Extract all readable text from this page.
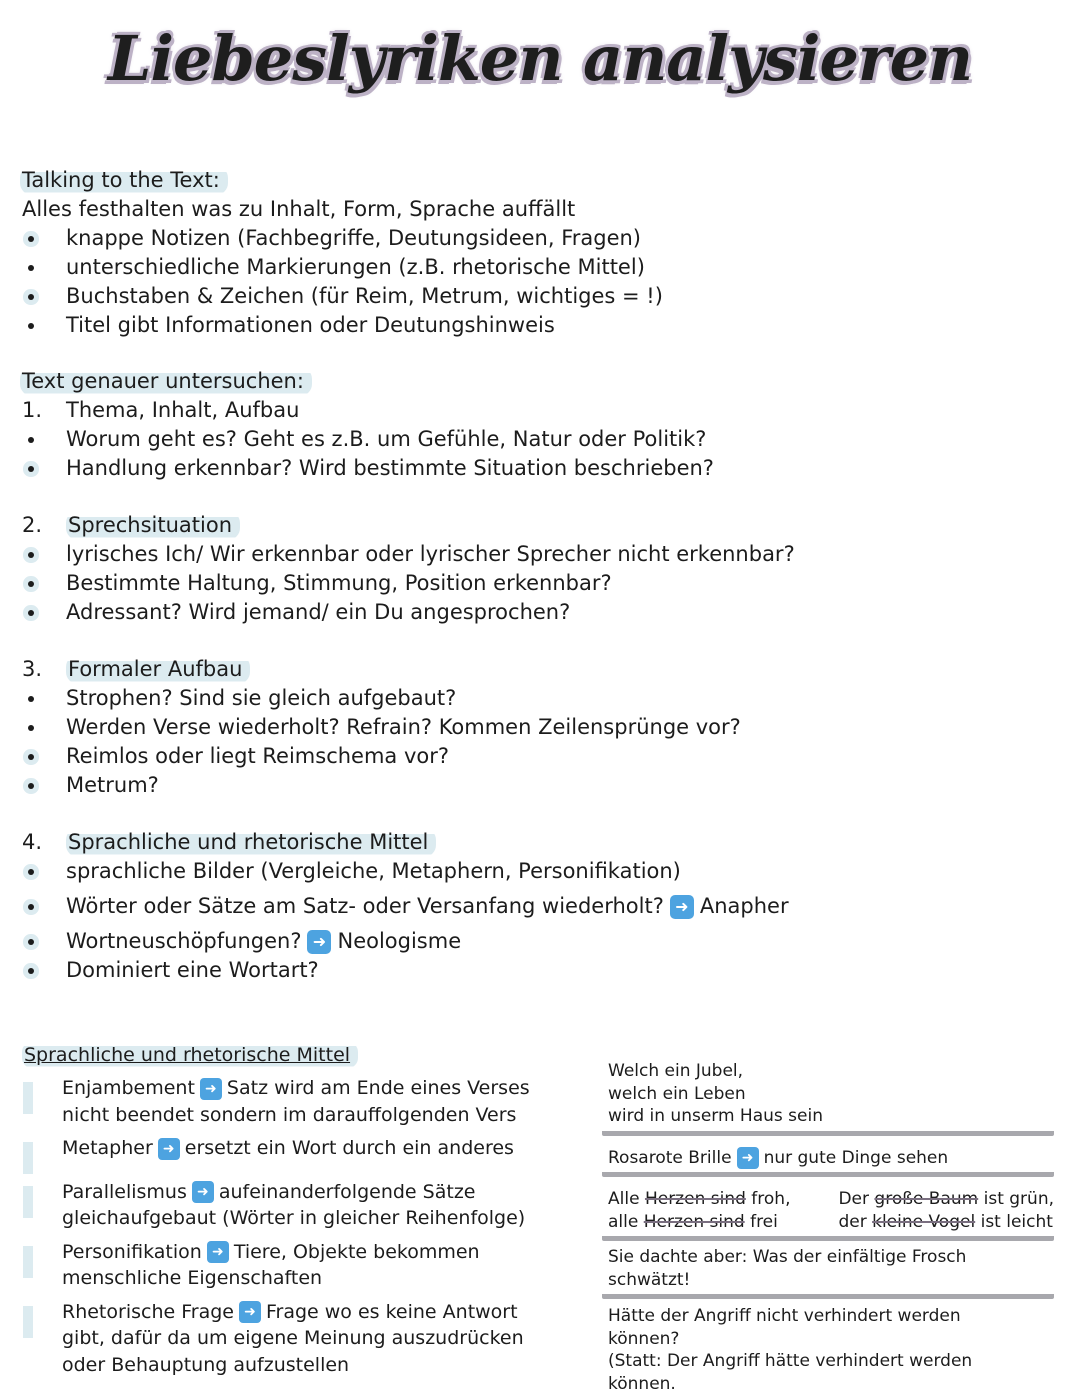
Liebeslyriken analysieren
Talking to the Text:
Alles festhalten was zu Inhalt, Form, Sprache auffällt
knappe Notizen (Fachbegriffe, Deutungsideen, Fragen)
unterschiedliche Markierungen (z.B. rhetorische Mittel)
Buchstaben & Zeichen (für Reim, Metrum, wichtiges = !)
Titel gibt Informationen oder Deutungshinweis
Text genauer untersuchen:
1.	Thema, Inhalt, Aufbau
Worum geht es? Geht es z.B. um Gefühle, Natur oder Politik?
Handlung erkennbar? Wird bestimmte Situation beschrieben?
2.	Sprechsituation
lyrisches Ich/ Wir erkennbar oder lyrischer Sprecher nicht erkennbar?
Bestimmte Haltung, Stimmung, Position erkennbar?
Adressant? Wird jemand/ ein Du angesprochen?
3.	Formaler Aufbau
Strophen? Sind sie gleich aufgebaut?
Werden Verse wiederholt? Refrain? Kommen Zeilensprünge vor?
Reimlos oder liegt Reimschema vor?
Metrum?
4.	Sprachliche und rhetorische Mittel
sprachliche Bilder (Vergleiche, Metaphern, Personifikation)
Wörter oder Sätze am Satz- oder Versanfang wiederholt? ➜ Anapher
Wortneuschöpfungen? ➜ Neologisme
Dominiert eine Wortart?
Sprachliche und rhetorische Mittel
Enjambement ➜ Satz wird am Ende eines Verses
nicht beendet sondern im darauffolgenden Vers
Metapher ➜ ersetzt ein Wort durch ein anderes
Parallelismus ➜ aufeinanderfolgende Sätze
gleichaufgebaut (Wörter in gleicher Reihenfolge)
Personifikation ➜ Tiere, Objekte bekommen
menschliche Eigenschaften
Rhetorische Frage ➜ Frage wo es keine Antwort
gibt, dafür da um eigene Meinung auszudrücken
oder Behauptung aufzustellen
Welch ein Jubel,
welch ein Leben
wird in unserm Haus sein
Rosarote Brille ➜ nur gute Dinge sehen
Alle Herzen sind froh,
alle Herzen sind frei
Der große Baum ist grün,
der kleine Vogel ist leicht
Sie dachte aber: Was der einfältige Frosch
schwätzt!
Hätte der Angriff nicht verhindert werden
können?
(Statt: Der Angriff hätte verhindert werden
können.
